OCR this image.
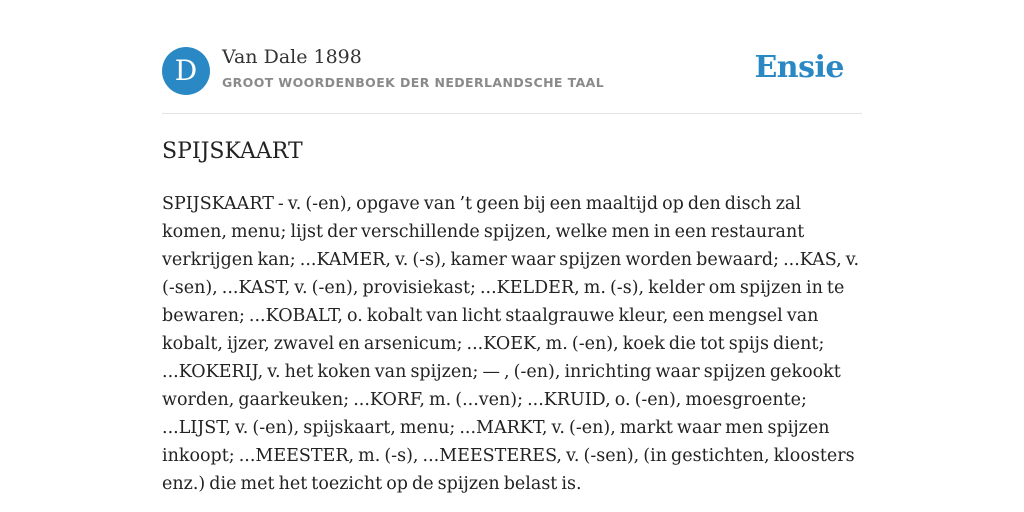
D	Van Dale 1898
GROOT WOORDENBOEK DER NEDERLANDSCHE TAAL	Ensie
SPIJSKAART

SPIJSKAART - v. (-en), opgave van ’t geen bij een maaltijd op den disch zal komen, menu; lijst der verschillende spijzen, welke men in een restaurant verkrijgen kan; ...KAMER, v. (-s), kamer waar spijzen worden bewaard; ...KAS, v. (-sen), ...KAST, v. (-en), provisiekast; ...KELDER, m. (-s), kelder om spijzen in te bewaren; ...KOBALT, o. kobalt van licht staalgrauwe kleur, een mengsel van kobalt, ijzer, zwavel en arsenicum; ...KOEK, m. (-en), koek die tot spijs dient; ...KOKERIJ, v. het koken van spijzen; — , (-en), inrichting waar spijzen gekookt worden, gaarkeuken; ...KORF, m. (...ven); ...KRUID, o. (-en), moesgroente; ...LIJST, v. (-en), spijskaart, menu; ...MARKT, v. (-en), markt waar men spijzen inkoopt; ...MEESTER, m. (-s), ...MEESTERES, v. (-sen), (in gestichten, kloosters enz.) die met het toezicht op de spijzen belast is.
